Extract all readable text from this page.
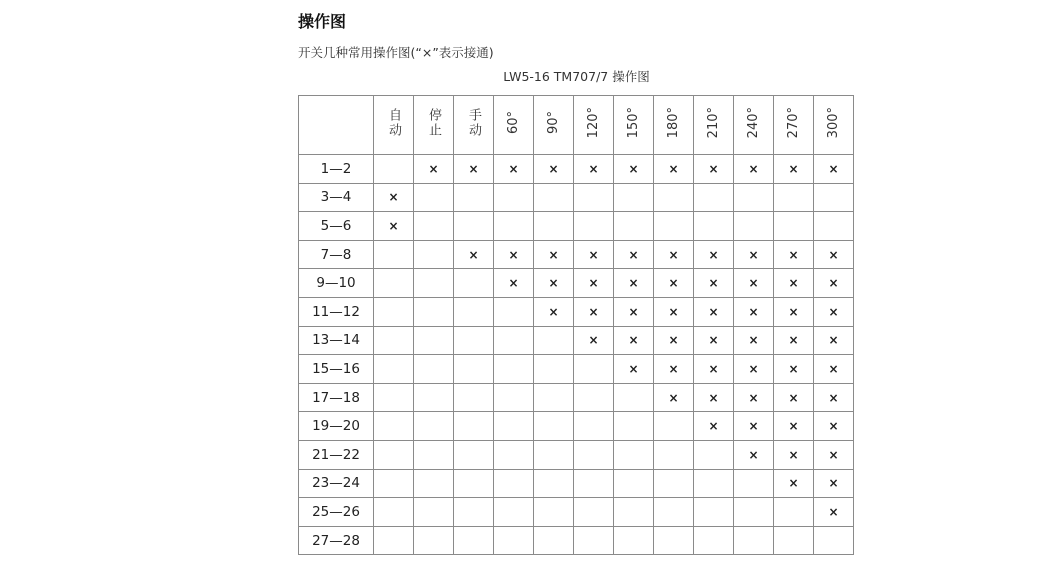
操作图
开关几种常用操作图(“×”表示接通)
LW5-16 TM707/7 操作图
	自动	停止	手动	60°	90°	120°	150°	180°	210°	240°	270°	300°
1—2		×	×	×	×	×	×	×	×	×	×	×
3—4	×											
5—6	×											
7—8			×	×	×	×	×	×	×	×	×	×
9—10				×	×	×	×	×	×	×	×	×
11—12					×	×	×	×	×	×	×	×
13—14						×	×	×	×	×	×	×
15—16							×	×	×	×	×	×
17—18								×	×	×	×	×
19—20									×	×	×	×
21—22										×	×	×
23—24											×	×
25—26												×
27—28												
